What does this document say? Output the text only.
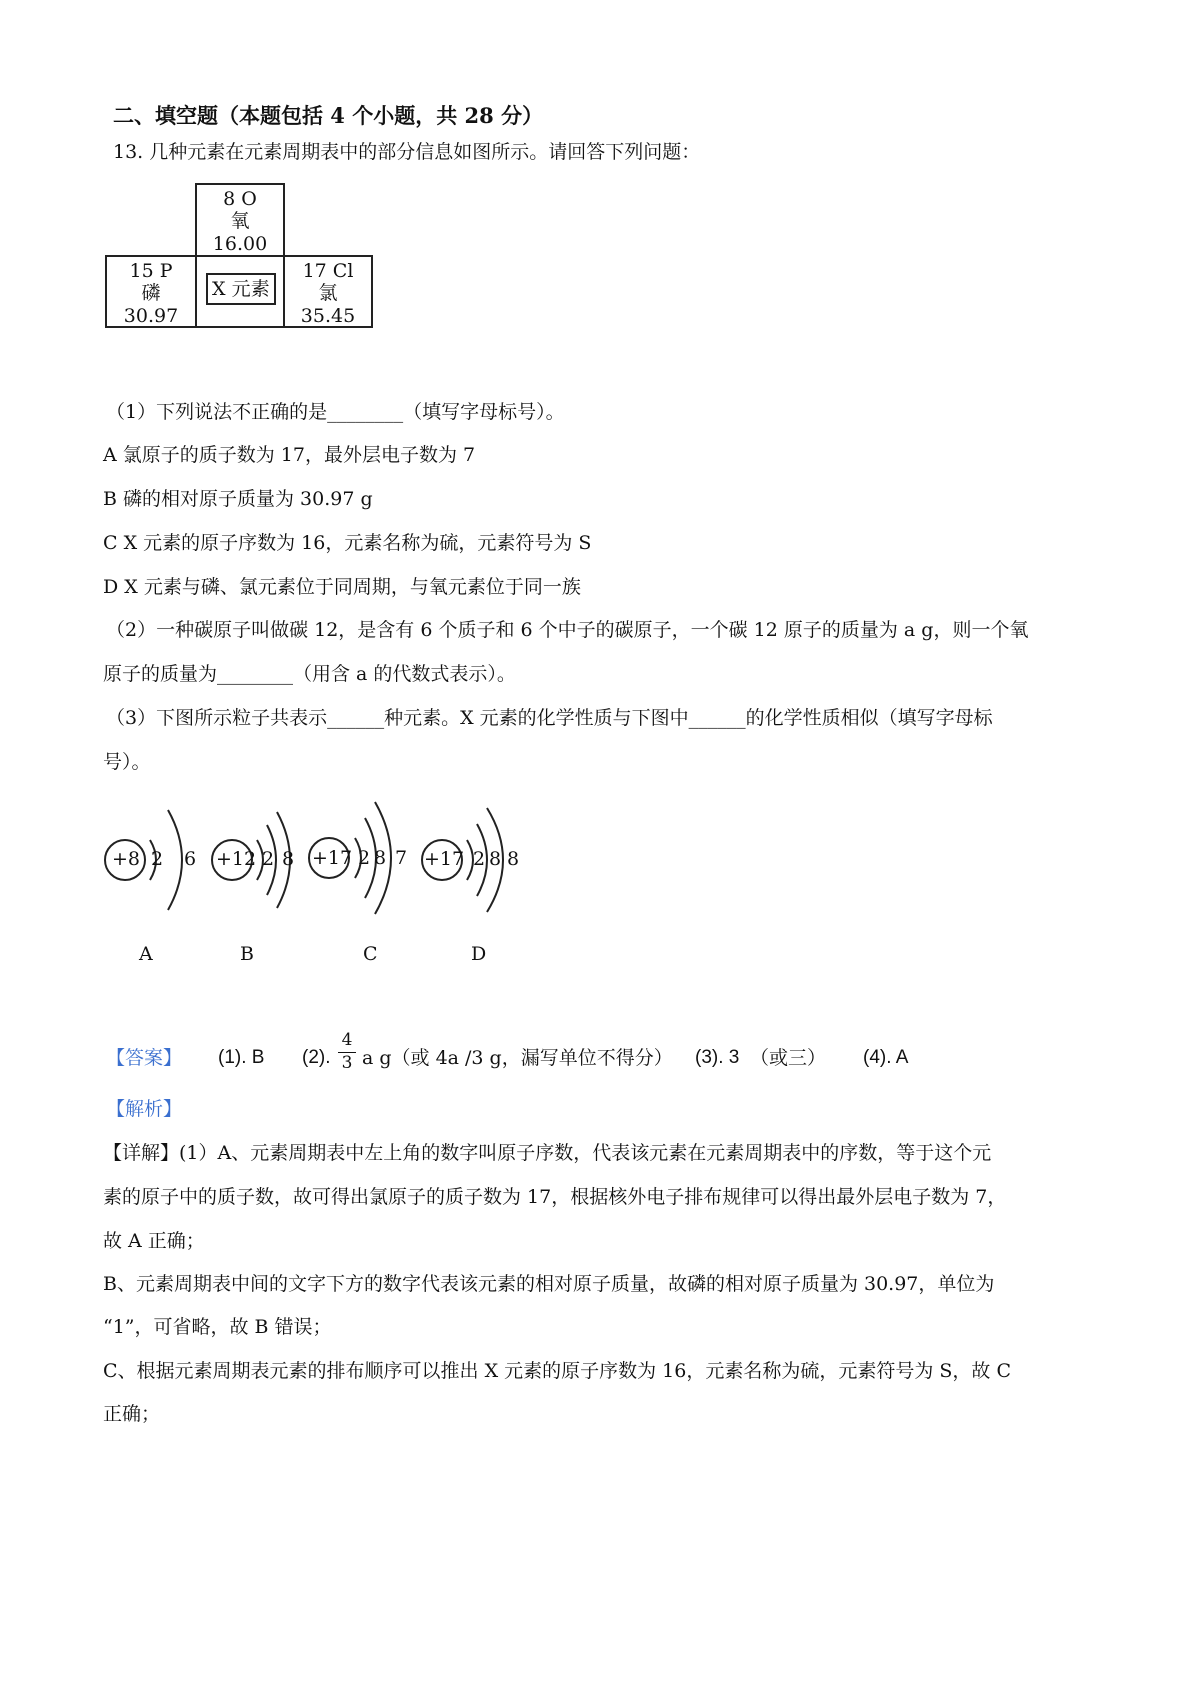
二、填空题（本题包括 4 个小题，共 28 分）
13. 几种元素在元素周期表中的部分信息如图所示。请回答下列问题：
8 O
氧
16.00
15 P
磷
30.97
X 元素
17 Cl
氯
35.45
（1）下列说法不正确的是________（填写字母标号）。
A 氯原子的质子数为 17，最外层电子数为 7
B 磷的相对原子质量为 30.97 g
C X 元素的原子序数为 16，元素名称为硫，元素符号为 S
D X 元素与磷、氯元素位于同周期，与氧元素位于同一族
（2）一种碳原子叫做碳 12，是含有 6 个质子和 6 个中子的碳原子，一个碳 12 原子的质量为 a g，则一个氧
原子的质量为________（用含 a 的代数式表示）。
（3）下图所示粒子共表示______种元素。X 元素的化学性质与下图中______的化学性质相似（填写字母标
号）。
+8 2 6
A
+12 2 8
B
+17 2 8 7
C
+17 2 8 8
D
【答案】 (1). B (2). $\frac{4}{3}$ a g（或 4a /3 g，漏写单位不得分） (3). 3 （或三） (4). A
【解析】
【详解】(1）A、元素周期表中左上角的数字叫原子序数，代表该元素在元素周期表中的序数，等于这个元
素的原子中的质子数，故可得出氯原子的质子数为 17，根据核外电子排布规律可以得出最外层电子数为 7，
故 A 正确；
B、元素周期表中间的文字下方的数字代表该元素的相对原子质量，故磷的相对原子质量为 30.97，单位为
“1”，可省略，故 B 错误；
C、根据元素周期表元素的排布顺序可以推出 X 元素的原子序数为 16，元素名称为硫，元素符号为 S，故 C
正确；
